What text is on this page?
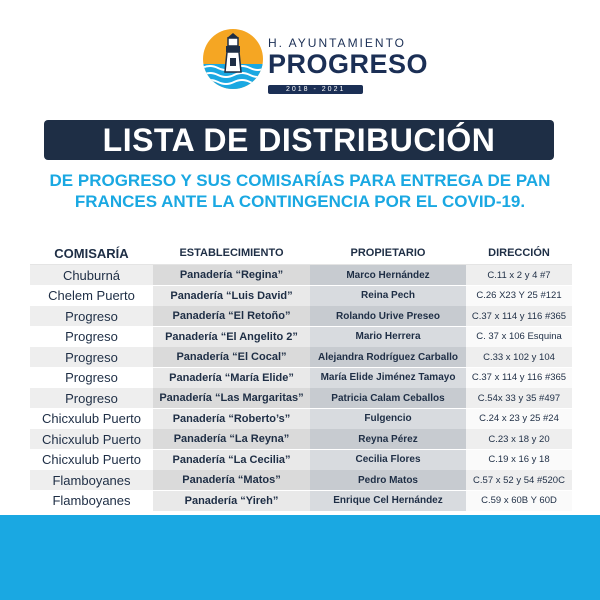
H. AYUNTAMIENTO
PROGRESO
2018 - 2021
LISTA DE DISTRIBUCIÓN
DE PROGRESO Y SUS COMISARÍAS PARA ENTREGA DE PAN
FRANCES ANTE LA CONTINGENCIA POR EL COVID-19.
COMISARÍA	ESTABLECIMIENTO	PROPIETARIO	DIRECCIÓN
Chuburná	Panadería “Regina”	Marco Hernández	C.11 x 2 y 4 #7
Chelem Puerto	Panadería “Luis David”	Reina Pech	C.26 X23 Y 25 #121
Progreso	Panadería “El Retoño”	Rolando Urive Preseo	C.37 x 114 y 116 #365
Progreso	Panadería “El Angelito 2”	Mario Herrera	C. 37 x 106 Esquina
Progreso	Panadería “El Cocal”	Alejandra Rodríguez Carballo	C.33 x 102 y 104
Progreso	Panadería “María Elide”	María Elide Jiménez Tamayo	C.37 x 114 y 116 #365
Progreso	Panadería “Las Margaritas”	Patricia Calam Ceballos	C.54x 33 y 35 #497
Chicxulub Puerto	Panadería “Roberto’s”	Fulgencio	C.24 x 23 y 25 #24
Chicxulub Puerto	Panadería “La Reyna”	Reyna Pérez	C.23 x 18 y 20
Chicxulub Puerto	Panadería “La Cecilia”	Cecilia Flores	C.19 x 16 y 18
Flamboyanes	Panadería “Matos”	Pedro Matos	C.57 x 52 y 54 #520C
Flamboyanes	Panadería “Yireh”	Enrique Cel Hernández	C.59 x 60B Y 60D
